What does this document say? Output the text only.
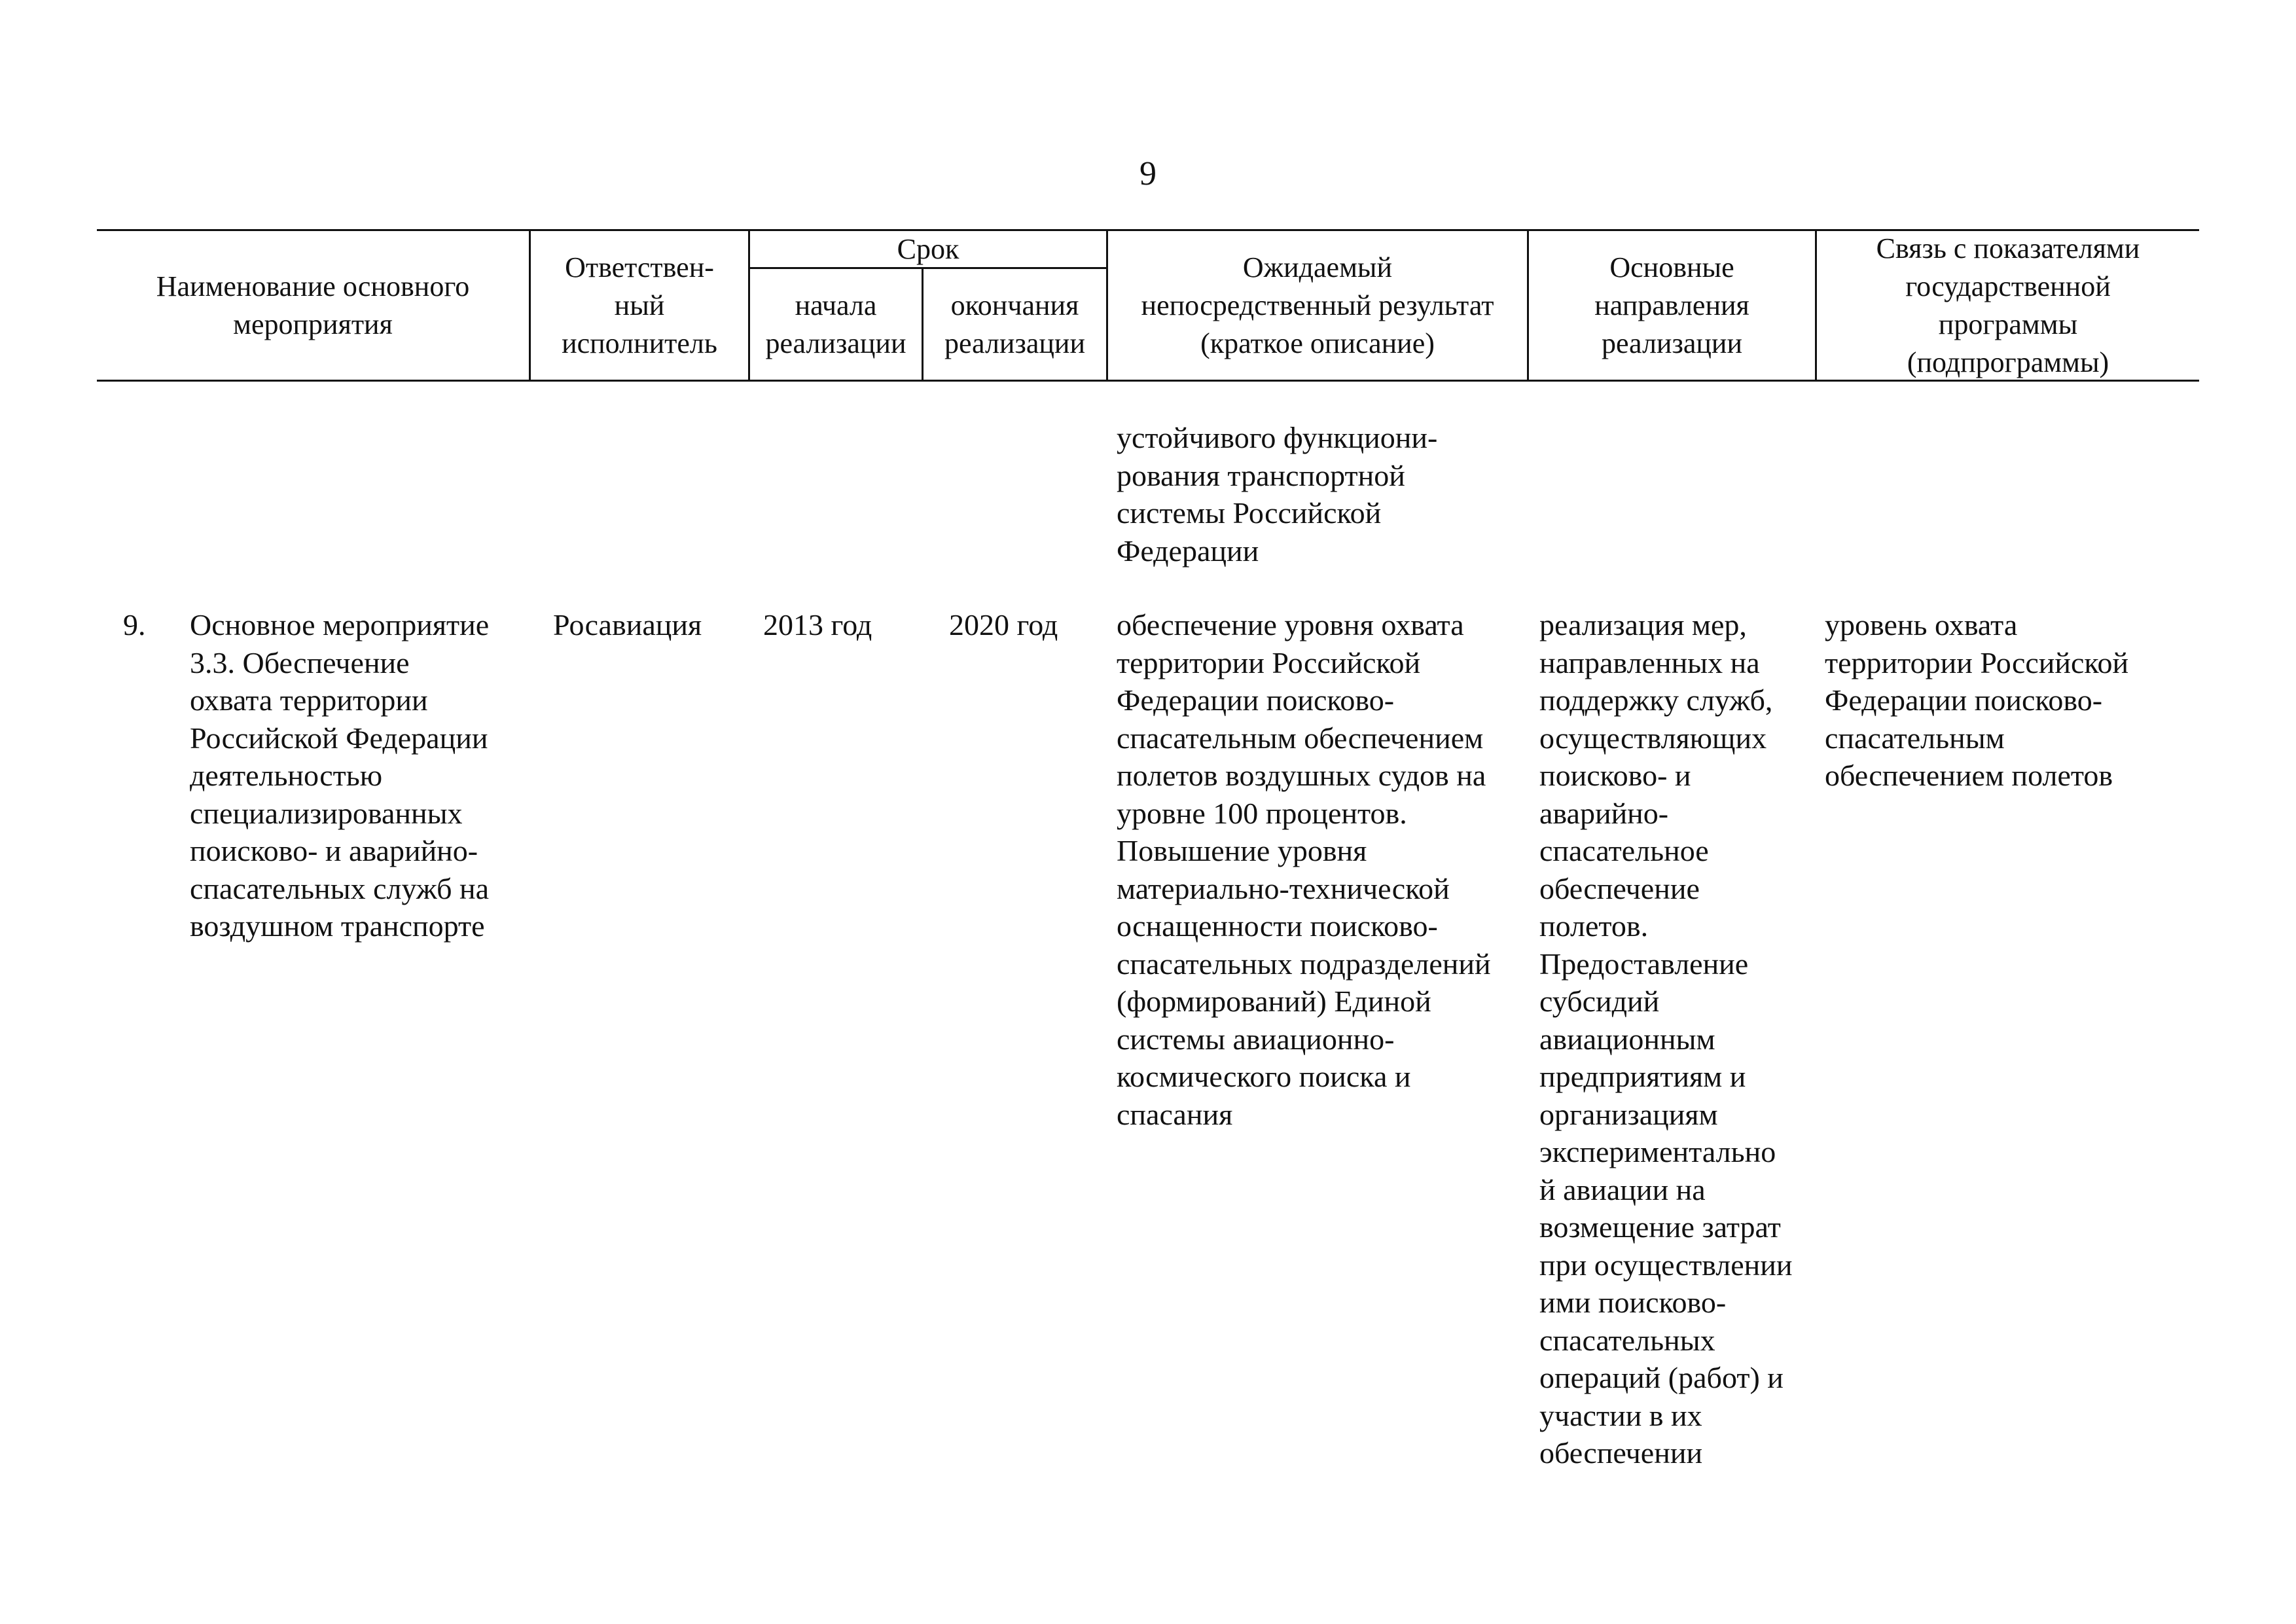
9
Наименование основного
мероприятия
Ответствен-
ный
исполнитель
Срок
начала
реализации
окончания
реализации
Ожидаемый
непосредственный результат
(краткое описание)
Основные
направления
реализации
Связь с показателями
государственной
программы
(подпрограммы)
устойчивого функциони-
рования транспортной
системы Российской
Федерации
9. Основное мероприятие
3.3. Обеспечение
охвата территории
Российской Федерации
деятельностью
специализированных
поисково- и аварийно-
спасательных служб на
воздушном транспорте
Росавиация 2013 год	2020 год обеспечение уровня охвата
территории Российской
Федерации поисково-
спасательным обеспечением
полетов воздушных судов на
уровне 100 процентов.
Повышение уровня
материально-технической
оснащенности поисково-
спасательных подразделений
(формирований) Единой
системы авиационно-
космического поиска и
спасания
реализация мер,
направленных на
поддержку служб,
осуществляющих
поисково- и
аварийно-
спасательное
обеспечение
полетов.
Предоставление
субсидий
авиационным
предприятиям и
организациям
экспериментально
й авиации на
возмещение затрат
при осуществлении
ими поисково-
спасательных
операций (работ) и
участии в их
обеспечении
уровень охвата
территории Российской
Федерации поисково-
спасательным
обеспечением полетов
